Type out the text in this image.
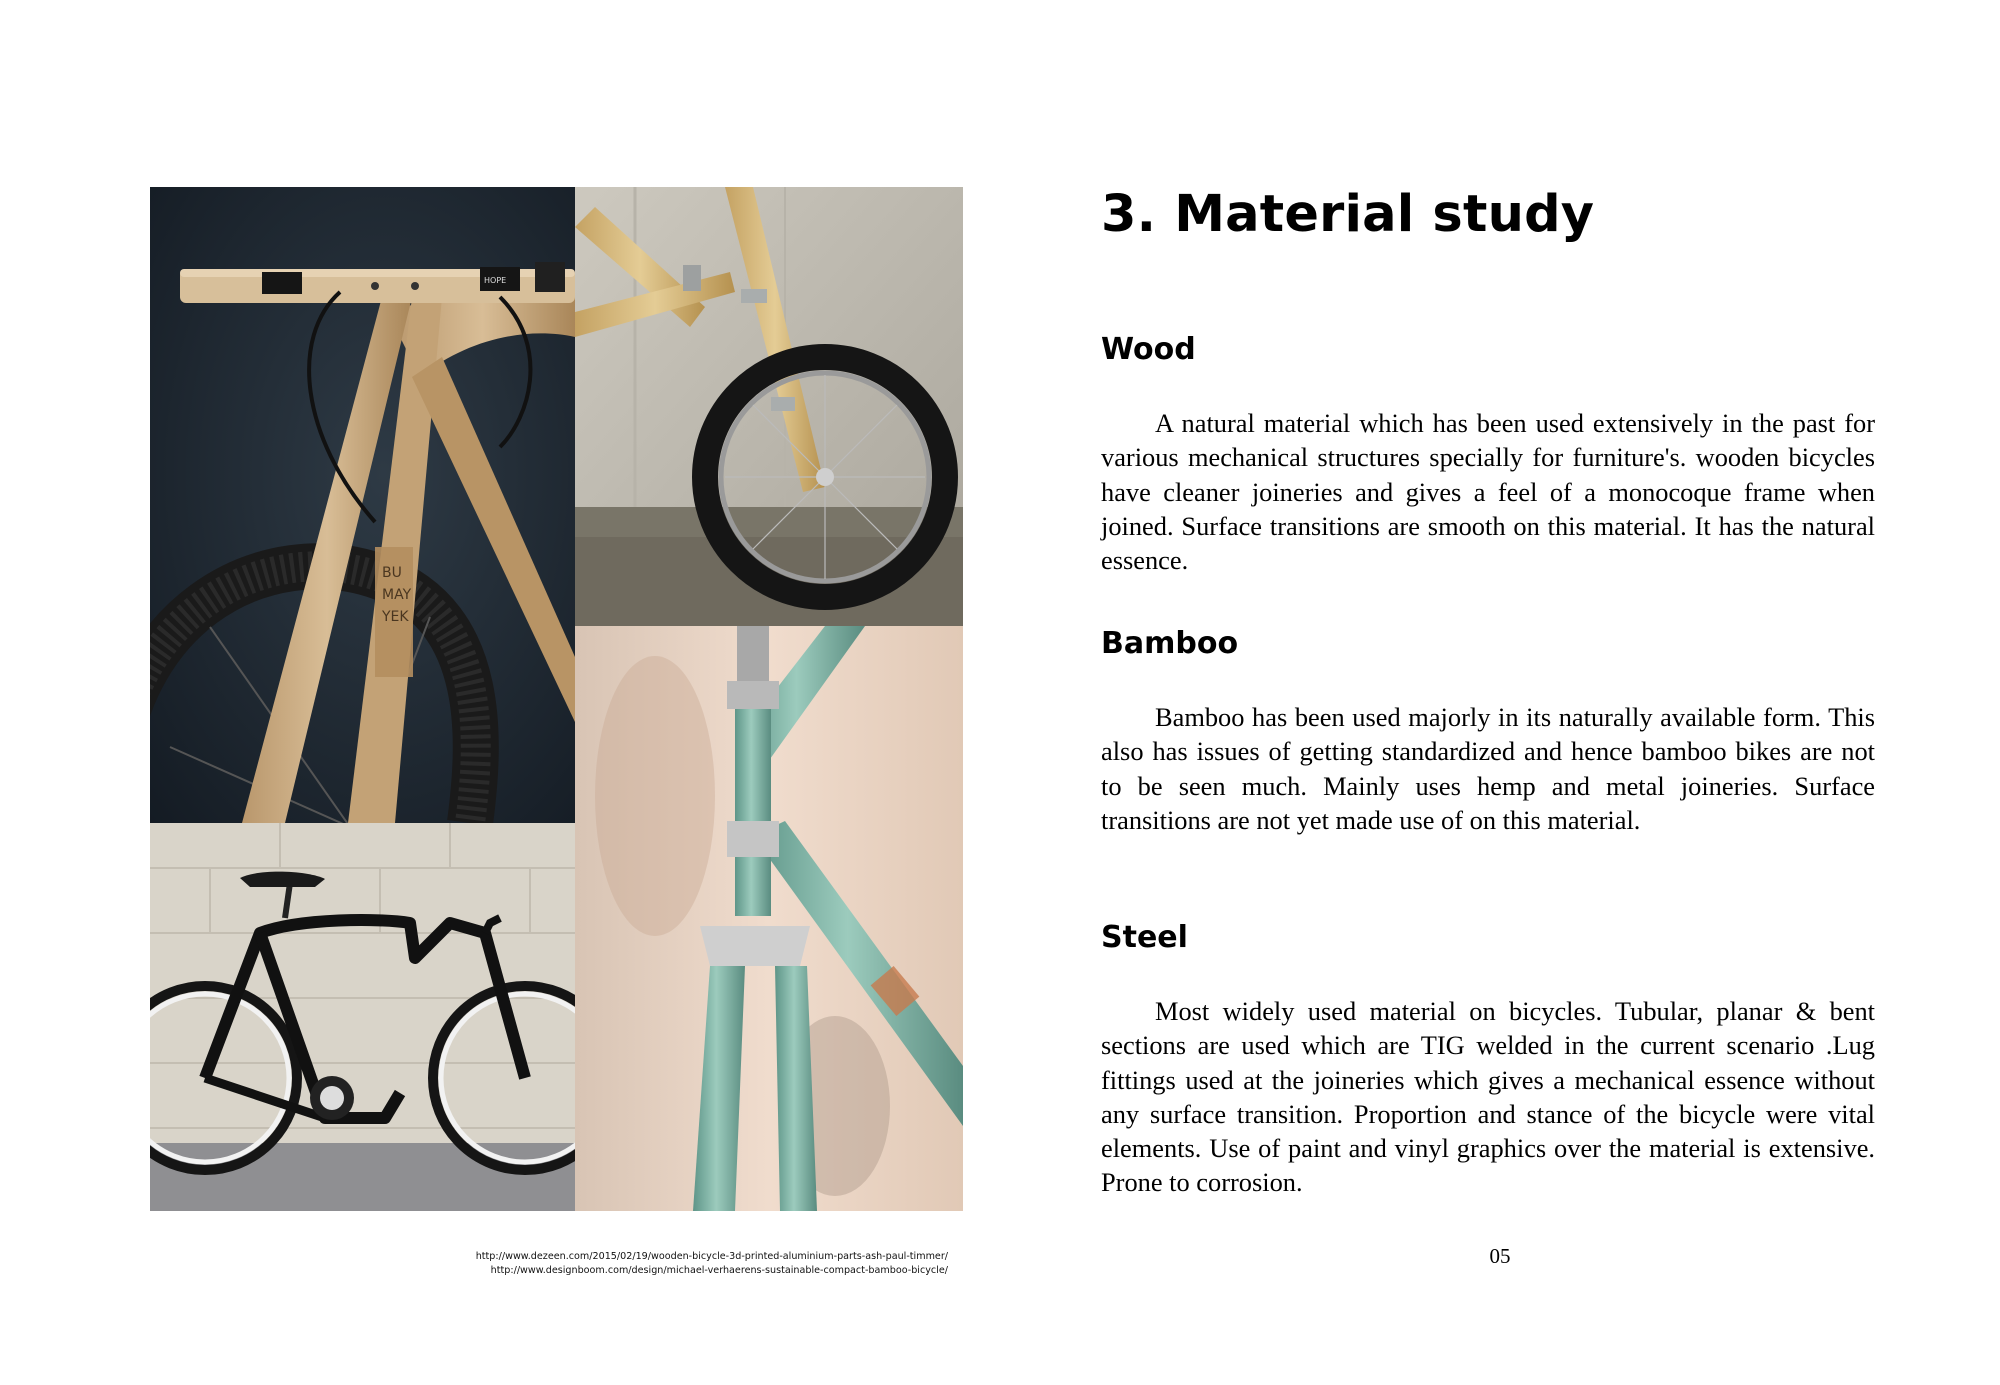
BU
MAY
YEK
HOPE
http://www.dezeen.com/2015/02/19/wooden-bicycle-3d-printed-aluminium-parts-ash-paul-timmer/
http://www.designboom.com/design/michael-verhaerens-sustainable-compact-bamboo-bicycle/
3. Material study
Wood

A natural material which has been used extensively in the past for various mechanical structures specially for furniture's. wooden bicycles have cleaner joineries and gives a feel of a monocoque frame when joined. Surface transitions are smooth on this material. It has the natural essence.

Bamboo

Bamboo has been used majorly in its naturally available form. This also has issues of getting standardized and hence bamboo bikes are not to be seen much. Mainly uses hemp and metal joineries. Surface transitions are not yet made use of on this material.

Steel

Most widely used material on bicycles. Tubular, planar & bent sections are used which are TIG welded in the current scenario .Lug fittings used at the joineries which gives a mechanical essence without any surface transition. Proportion and stance of the bicycle were vital elements. Use of paint and vinyl graphics over the material is extensive. Prone to corrosion.

05
